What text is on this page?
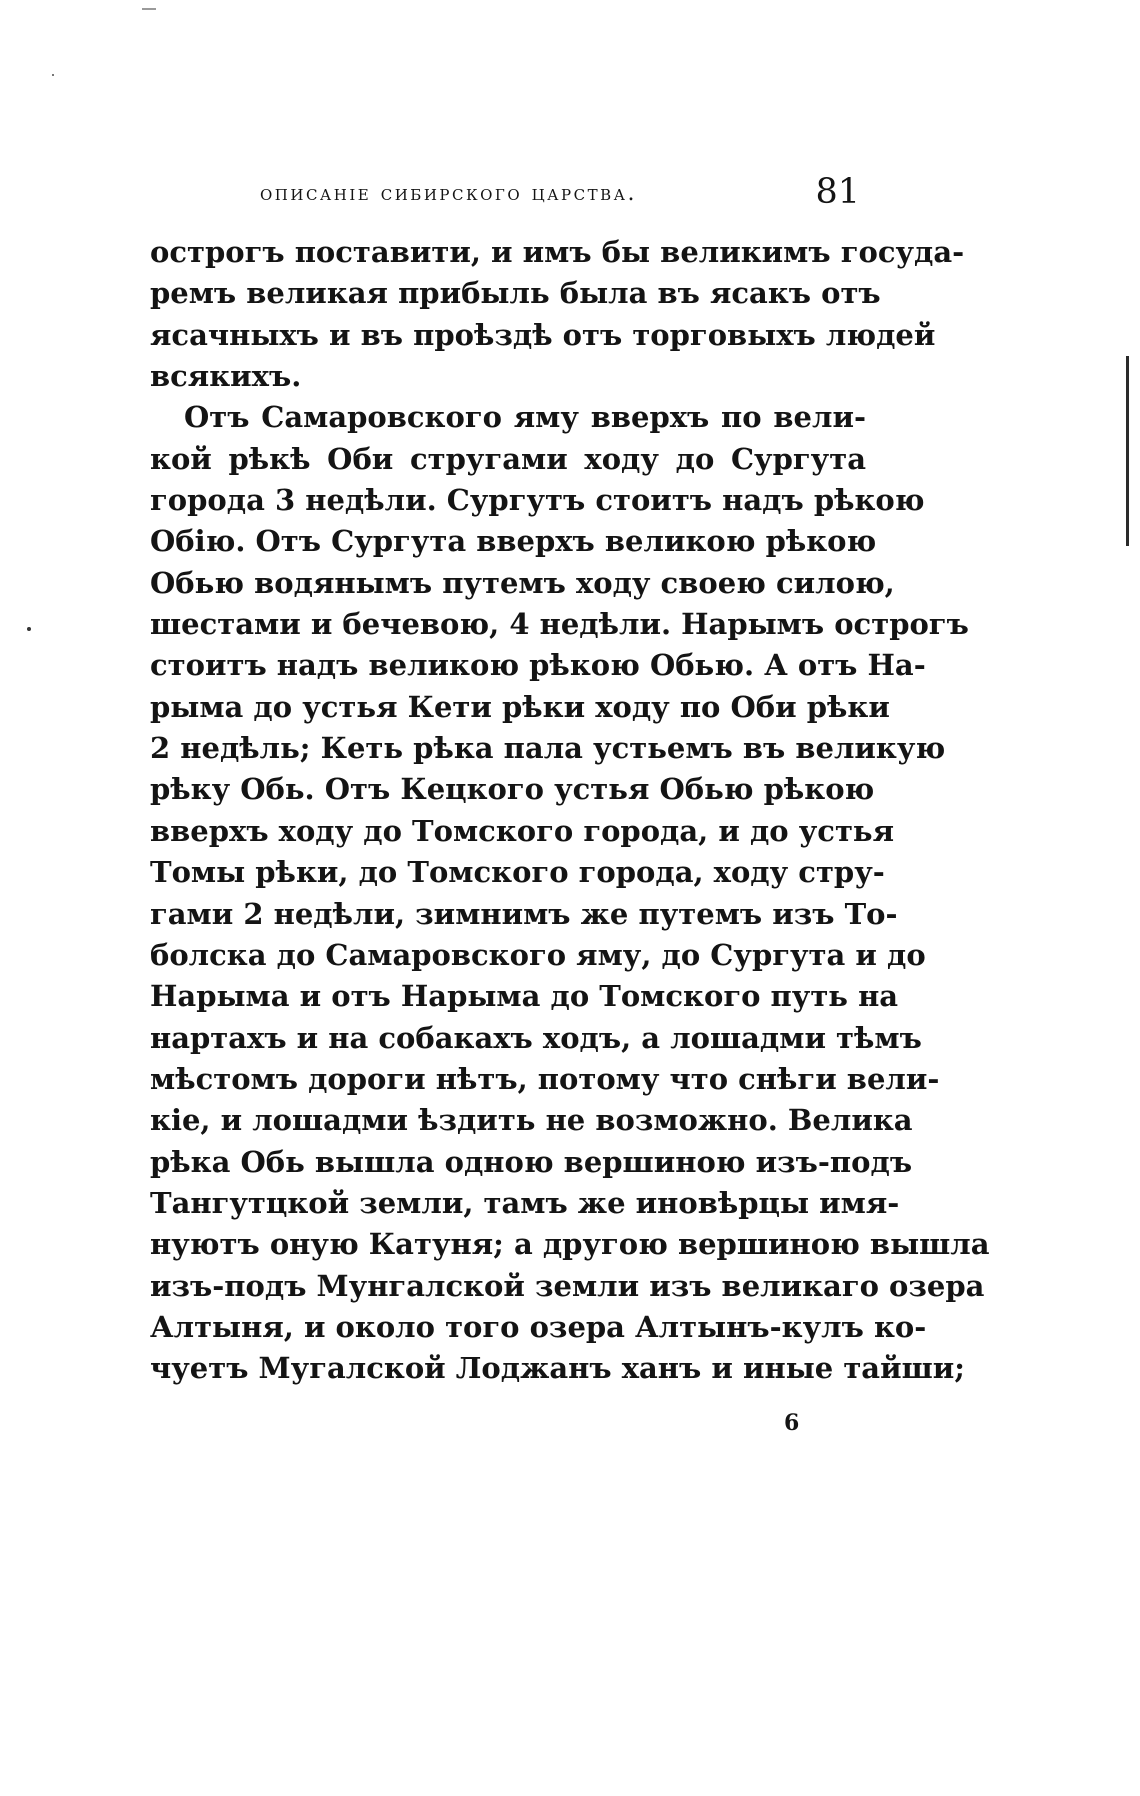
описаніе сибирского царства.	81
острогъ поставити, и имъ бы великимъ госуда-
ремъ великая прибыль была въ ясакъ отъ
ясачныхъ и въ проѣздѣ отъ торговыхъ людей
всякихъ.
Отъ Самаровского яму вверхъ по вели-
кой рѣкѣ Оби стругами ходу до Сургута
города 3 недѣли. Сургутъ стоитъ надъ рѣкою
Обію. Отъ Сургута вверхъ великою рѣкою
Обью водянымъ путемъ ходу своею силою,
шестами и бечевою, 4 недѣли. Нарымъ острогъ
стоитъ надъ великою рѣкою Обью. А отъ На-
рыма до устья Кети рѣки ходу по Оби рѣки
2 недѣль; Кеть рѣка пала устьемъ въ великую
рѣку Обь. Отъ Кецкого устья Обью рѣкою
вверхъ ходу до Томского города, и до устья
Томы рѣки, до Томского города, ходу стру-
гами 2 недѣли, зимнимъ же путемъ изъ То-
болска до Самаровского яму, до Сургута и до
Нарыма и отъ Нарыма до Томского путь на
нартахъ и на собакахъ ходъ, а лошадми тѣмъ
мѣстомъ дороги нѣтъ, потому что снѣги вели-
кіе, и лошадми ѣздить не возможно. Велика
рѣка Обь вышла одною вершиною изъ-подъ
Тангутцкой земли, тамъ же иновѣрцы имя-
нуютъ оную Катуня; а другою вершиною вышла
изъ-подъ Мунгалской земли изъ великаго озера
Алтыня, и около того озера Алтынъ-кулъ ко-
чуетъ Мугалской Лоджанъ ханъ и иные тайши;
6
